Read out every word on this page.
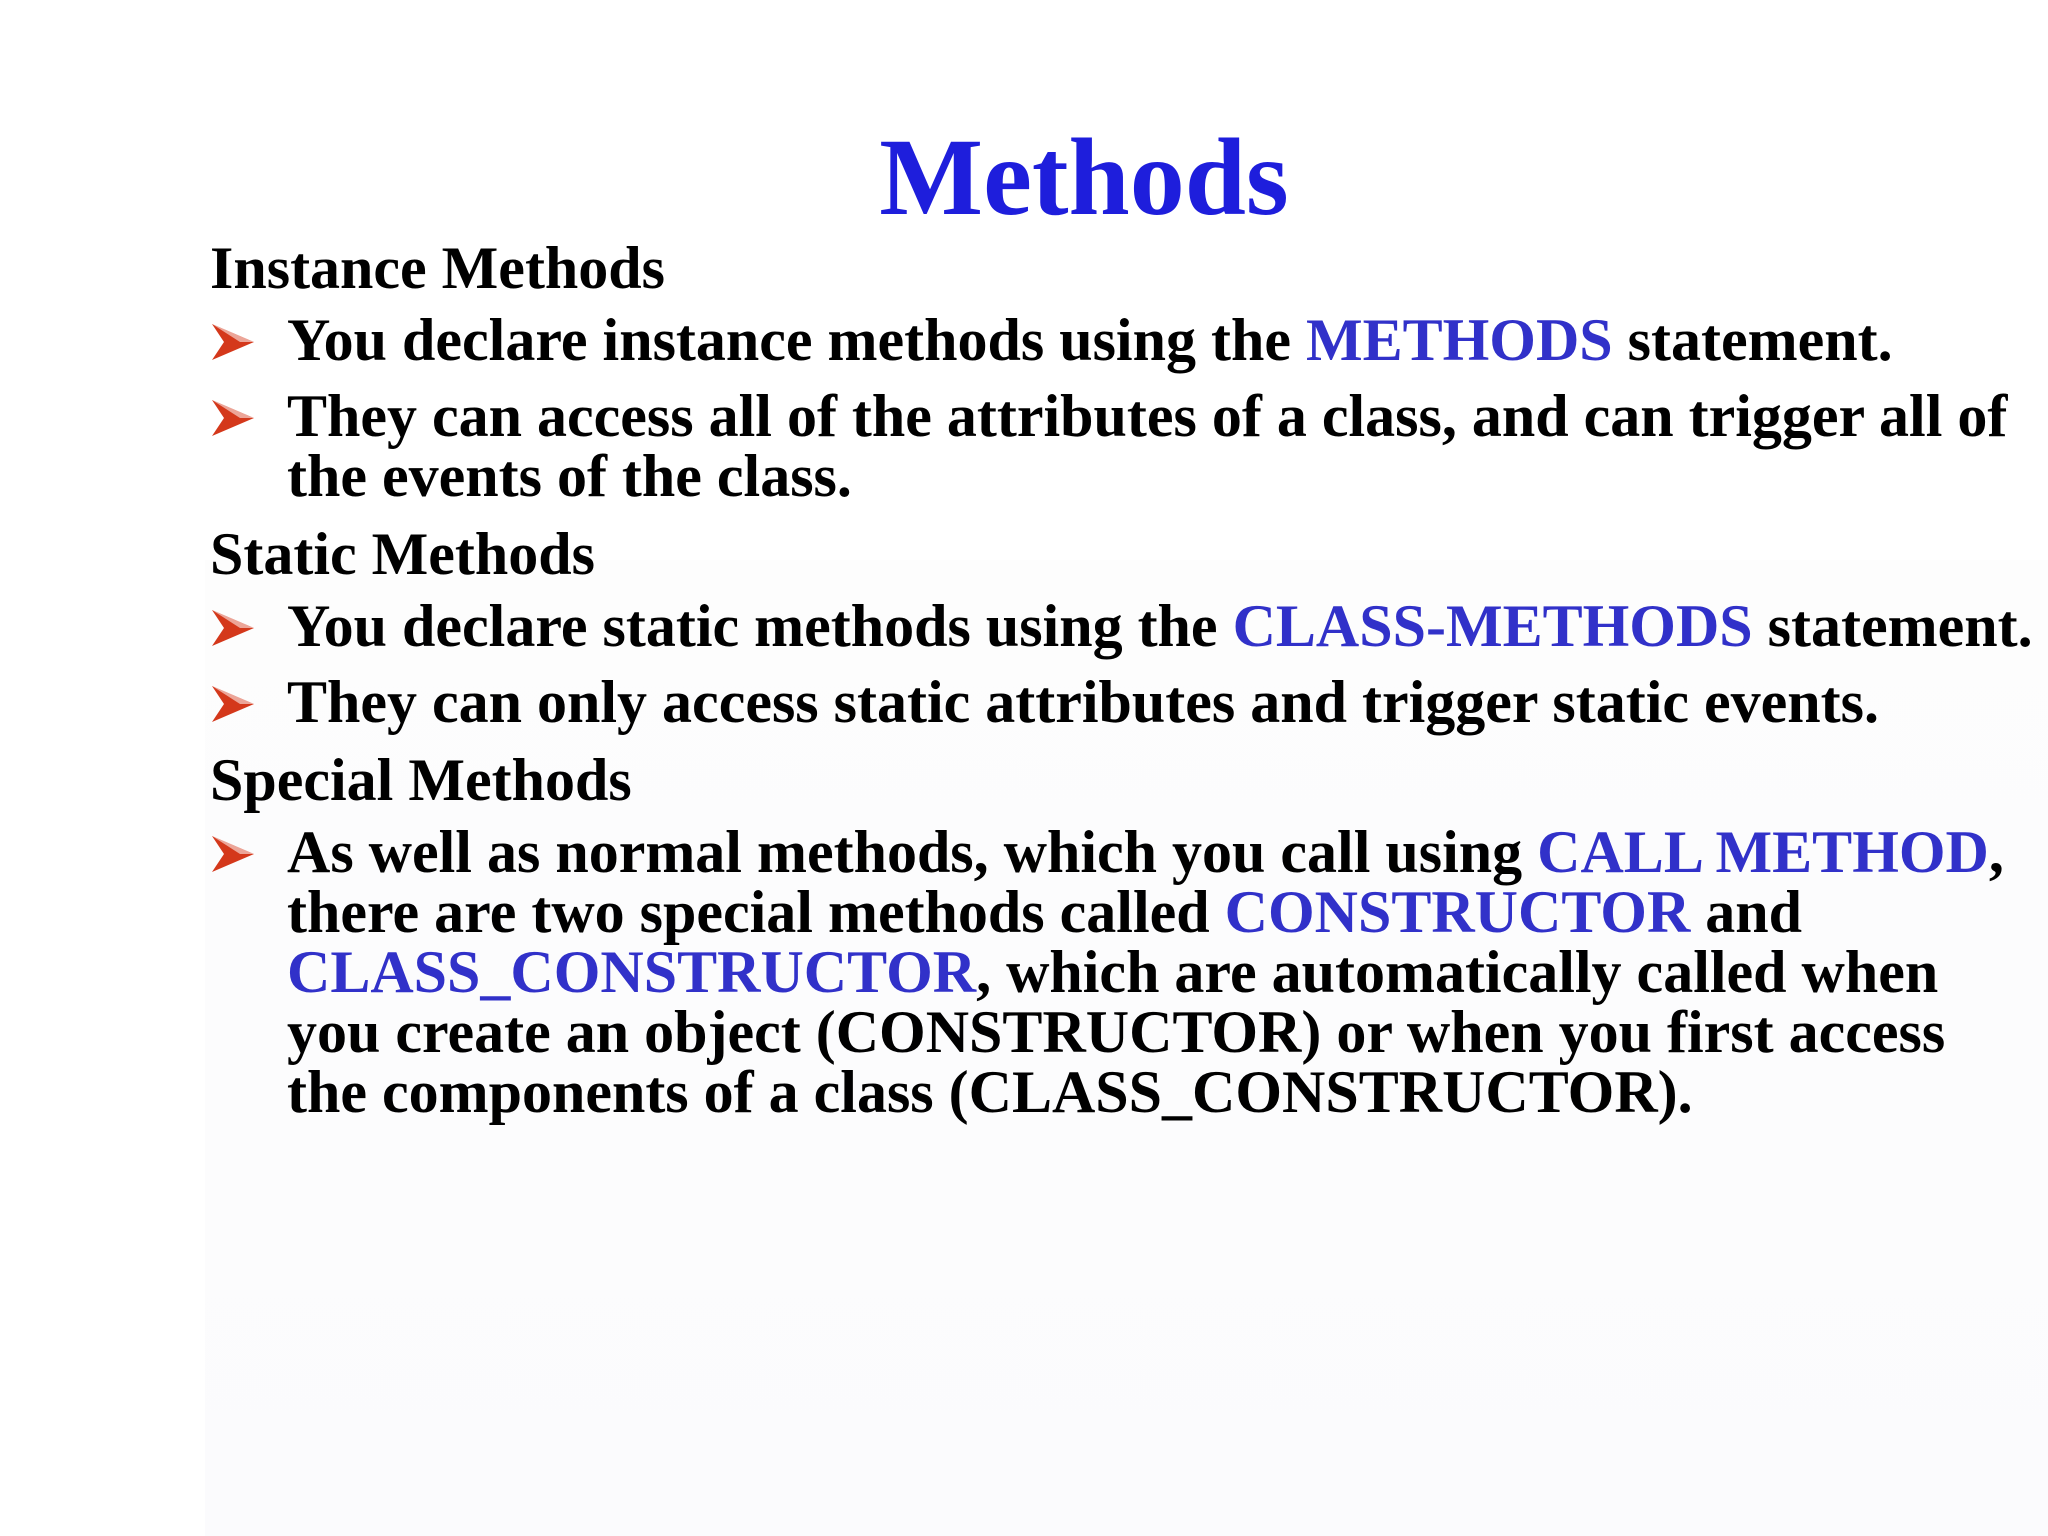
Methods
Instance Methods
You declare instance methods using the METHODS statement.
They can access all of the attributes of a class, and can trigger all of the events of the class.
Static Methods
You declare static methods using the CLASS-METHODS statement.
They can only access static attributes and trigger static events.
Special Methods
As well as normal methods, which you call using CALL METHOD, there are two special methods called CONSTRUCTOR and CLASS_CONSTRUCTOR, which are automatically called when you create an object (CONSTRUCTOR) or when you first access the components of a class (CLASS_CONSTRUCTOR).
